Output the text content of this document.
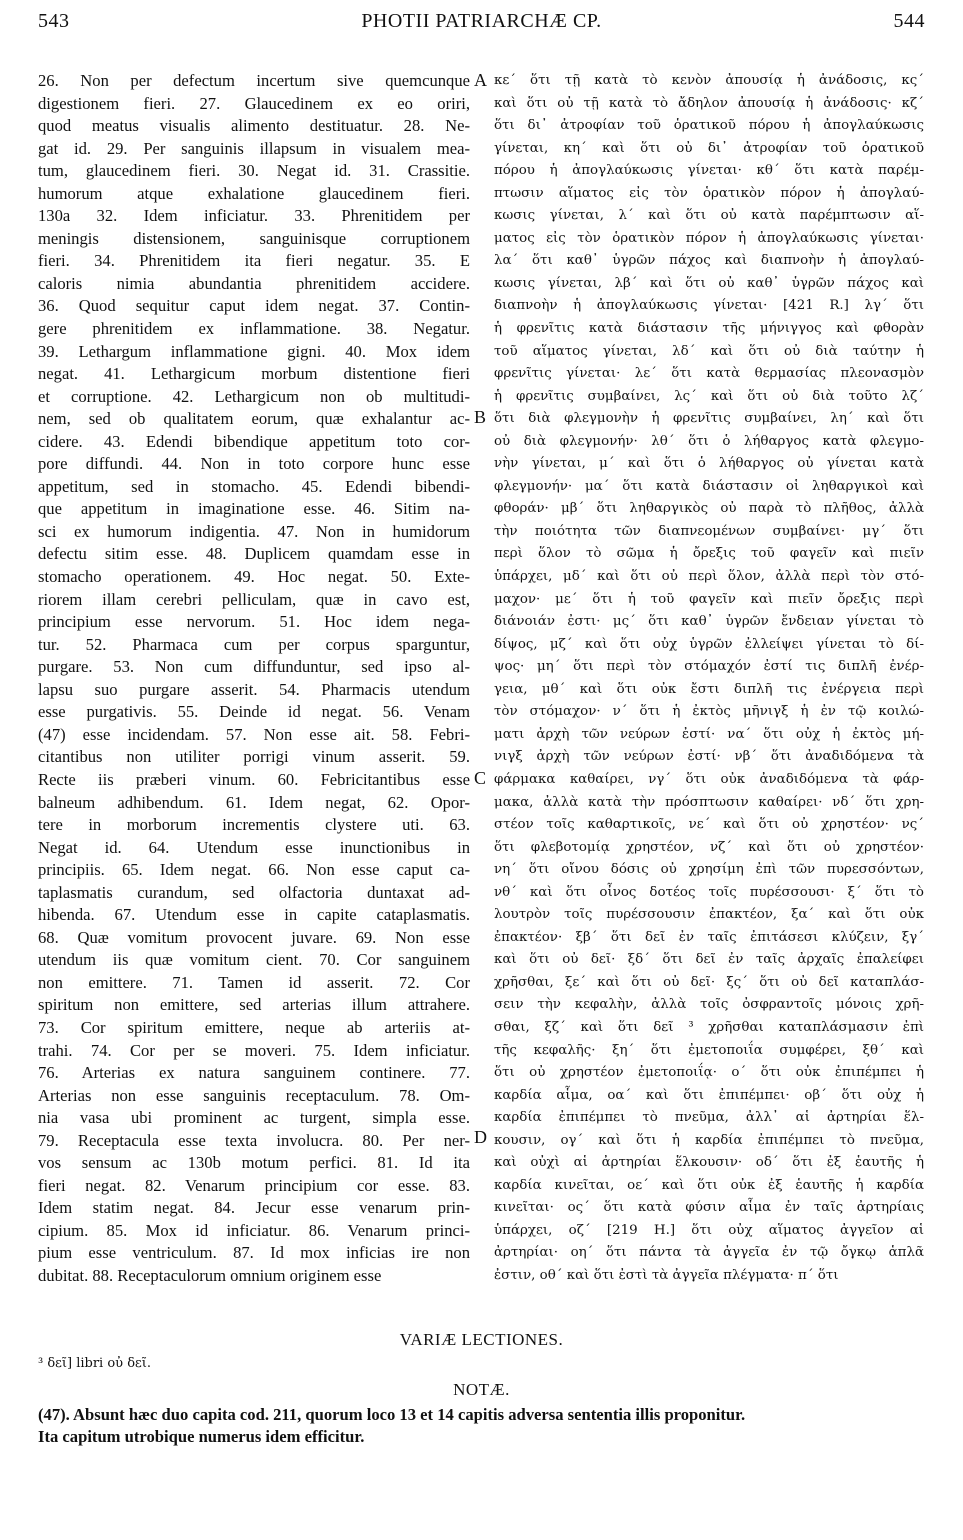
543	PHOTII PATRIARCHÆ CP.	544
26. Non per defectum incertum sive quemcunque
digestionem fieri. 27. Glaucedinem ex eo oriri,
quod meatus visualis alimento destituatur. 28. Ne-
gat id. 29. Per sanguinis illapsum in visualem mea-
tum, glaucedinem fieri. 30. Negat id. 31. Crassitie.
humorum atque exhalatione glaucedinem fieri.
130a 32. Idem inficiatur. 33. Phrenitidem per
meningis distensionem, sanguinisque corruptionem
fieri. 34. Phrenitidem ita fieri negatur. 35. E
caloris nimia abundantia phrenitidem accidere.
36. Quod sequitur caput idem negat. 37. Contin-
gere phrenitidem ex inflammatione. 38. Negatur.
39. Lethargum inflammatione gigni. 40. Mox idem
negat. 41. Lethargicum morbum distentione fieri
et corruptione. 42. Lethargicum non ob multitudi-
nem, sed ob qualitatem eorum, quæ exhalantur ac-
cidere. 43. Edendi bibendique appetitum toto cor-
pore diffundi. 44. Non in toto corpore hunc esse
appetitum, sed in stomacho. 45. Edendi bibendi-
que appetitum in imaginatione esse. 46. Sitim na-
sci ex humorum indigentia. 47. Non in humidorum
defectu sitim esse. 48. Duplicem quamdam esse in
stomacho operationem. 49. Hoc negat. 50. Exte-
riorem illam cerebri pelliculam, quæ in cavo est,
principium esse nervorum. 51. Hoc idem nega-
tur. 52. Pharmaca cum per corpus sparguntur,
purgare. 53. Non cum diffunduntur, sed ipso al-
lapsu suo purgare asserit. 54. Pharmacis utendum
esse purgativis. 55. Deinde id negat. 56. Venam
(47) esse incidendam. 57. Non esse ait. 58. Febri-
citantibus non utiliter porrigi vinum asserit. 59.
Recte iis præberi vinum. 60. Febricitantibus esse
balneum adhibendum. 61. Idem negat, 62. Opor-
tere in morborum incrementis clystere uti. 63.
Negat id. 64. Utendum esse inunctionibus in
principiis. 65. Idem negat. 66. Non esse caput ca-
taplasmatis curandum, sed olfactoria duntaxat ad-
hibenda. 67. Utendum esse in capite cataplasmatis.
68. Quæ vomitum provocent juvare. 69. Non esse
utendum iis quæ vomitum cient. 70. Cor sanguinem
non emittere. 71. Tamen id asserit. 72. Cor
spiritum non emittere, sed arterias illum attrahere.
73. Cor spiritum emittere, neque ab arteriis at-
trahi. 74. Cor per se moveri. 75. Idem inficiatur.
76. Arterias ex natura sanguinem continere. 77.
Arterias non esse sanguinis receptaculum. 78. Om-
nia vasa ubi prominent ac turgent, simpla esse.
79. Receptacula esse texta involucra. 80. Per ner-
vos sensum ac 130b motum perfici. 81. Id ita
fieri negat. 82. Venarum principium cor esse. 83.
Idem statim negat. 84. Jecur esse venarum prin-
cipium. 85. Mox id inficiatur. 86. Venarum princi-
pium esse ventriculum. 87. Id mox inficias ire non
dubitat. 88. Receptaculorum omnium originem esse
κε΄ ὅτι τῇ κατὰ τὸ κενὸν ἀπουσίᾳ ἡ ἀνάδοσις, κς΄
καὶ ὅτι οὐ τῇ κατὰ τὸ ἄδηλον ἀπουσίᾳ ἡ ἀνάδοσις· κζ΄
ὅτι δι᾽ ἀτροφίαν τοῦ ὁρατικοῦ πόρου ἡ ἀπογλαύκωσις
γίνεται, κη΄ καὶ ὅτι οὐ δι᾽ ἀτροφίαν τοῦ ὁρατικοῦ
πόρου ἡ ἀπογλαύκωσις γίνεται· κθ΄ ὅτι κατὰ παρέμ-
πτωσιν αἵματος εἰς τὸν ὁρατικὸν πόρον ἡ ἀπογλαύ-
κωσις γίνεται, λ΄ καὶ ὅτι οὐ κατὰ παρέμπτωσιν αἵ-
ματος εἰς τὸν ὁρατικὸν πόρον ἡ ἀπογλαύκωσις γίνεται·
λα΄ ὅτι καθ᾽ ὑγρῶν πάχος καὶ διαπνοὴν ἡ ἀπογλαύ-
κωσις γίνεται, λβ΄ καὶ ὅτι οὐ καθ᾽ ὑγρῶν πάχος καὶ
διαπνοὴν ἡ ἀπογλαύκωσις γίνεται· [421 R.] λγ΄ ὅτι
ἡ φρενῖτις κατὰ διάστασιν τῆς μήνιγγος καὶ φθορὰν
τοῦ αἵματος γίνεται, λδ΄ καὶ ὅτι οὐ διὰ ταύτην ἡ
φρενῖτις γίνεται· λε΄ ὅτι κατὰ θερμασίας πλεονασμὸν
ἡ φρενῖτις συμβαίνει, λς΄ καὶ ὅτι οὐ διὰ τοῦτο λζ΄
ὅτι διὰ φλεγμονὴν ἡ φρενῖτις συμβαίνει, λη΄ καὶ ὅτι
οὐ διὰ φλεγμονήν· λθ΄ ὅτι ὁ λήθαργος κατὰ φλεγμο-
νὴν γίνεται, μ΄ καὶ ὅτι ὁ λήθαργος οὐ γίνεται κατὰ
φλεγμονήν· μα΄ ὅτι κατὰ διάστασιν οἱ ληθαργικοὶ καὶ
φθοράν· μβ΄ ὅτι ληθαργικὸς οὐ παρὰ τὸ πλῆθος, ἀλλὰ
τὴν ποιότητα τῶν διαπνεομένων συμβαίνει· μγ΄ ὅτι
περὶ ὅλον τὸ σῶμα ἡ ὄρεξις τοῦ φαγεῖν καὶ πιεῖν
ὑπάρχει, μδ΄ καὶ ὅτι οὐ περὶ ὅλον, ἀλλὰ περὶ τὸν στό-
μαχον· με΄ ὅτι ἡ τοῦ φαγεῖν καὶ πιεῖν ὄρεξις περὶ
διάνοιάν ἐστι· μς΄ ὅτι καθ᾽ ὑγρῶν ἔνδειαν γίνεται τὸ
δίψος, μζ΄ καὶ ὅτι οὐχ ὑγρῶν ἐλλείψει γίνεται τὸ δί-
ψος· μη΄ ὅτι περὶ τὸν στόμαχόν ἐστί τις διπλῆ ἐνέρ-
γεια, μθ΄ καὶ ὅτι οὐκ ἔστι διπλῆ τις ἐνέργεια περὶ
τὸν στόμαχον· ν΄ ὅτι ἡ ἐκτὸς μῆνιγξ ἡ ἐν τῷ κοιλώ-
ματι ἀρχὴ τῶν νεύρων ἐστί· να΄ ὅτι οὐχ ἡ ἐκτὸς μή-
νιγξ ἀρχὴ τῶν νεύρων ἐστί· νβ΄ ὅτι ἀναδιδόμενα τὰ
φάρμακα καθαίρει, νγ΄ ὅτι οὐκ ἀναδιδόμενα τὰ φάρ-
μακα, ἀλλὰ κατὰ τὴν πρόσπτωσιν καθαίρει· νδ΄ ὅτι χρη-
στέον τοῖς καθαρτικοῖς, νε΄ καὶ ὅτι οὐ χρηστέον· νς΄
ὅτι φλεβοτομίᾳ χρηστέον, νζ΄ καὶ ὅτι οὐ χρηστέον·
νη΄ ὅτι οἴνου δόσις οὐ χρησίμη ἐπὶ τῶν πυρεσσόντων,
νθ΄ καὶ ὅτι οἶνος δοτέος τοῖς πυρέσσουσι· ξ΄ ὅτι τὸ
λουτρὸν τοῖς πυρέσσουσιν ἐπακτέον, ξα΄ καὶ ὅτι οὐκ
ἐπακτέον· ξβ΄ ὅτι δεῖ ἐν ταῖς ἐπιτάσεσι κλύζειν, ξγ΄
καὶ ὅτι οὐ δεῖ· ξδ΄ ὅτι δεῖ ἐν ταῖς ἀρχαῖς ἐπαλείφει
χρῆσθαι, ξε΄ καὶ ὅτι οὐ δεῖ· ξς΄ ὅτι οὐ δεῖ καταπλάσ-
σειν τὴν κεφαλὴν, ἀλλὰ τοῖς ὀσφραντοῖς μόνοις χρῆ-
σθαι, ξζ΄ καὶ ὅτι δεῖ ³ χρῆσθαι καταπλάσμασιν ἐπὶ
τῆς κεφαλῆς· ξη΄ ὅτι ἐμετοποιΐα συμφέρει, ξθ΄ καὶ
ὅτι οὐ χρηστέον ἐμετοποιΐᾳ· ο΄ ὅτι οὐκ ἐπιπέμπει ἡ
καρδία αἷμα, οα΄ καὶ ὅτι ἐπιπέμπει· οβ΄ ὅτι οὐχ ἡ
καρδία ἐπιπέμπει τὸ πνεῦμα, ἀλλ᾽ αἱ ἀρτηρίαι ἕλ-
κουσιν, ογ΄ καὶ ὅτι ἡ καρδία ἐπιπέμπει τὸ πνεῦμα,
καὶ οὐχὶ αἱ ἀρτηρίαι ἕλκουσιν· οδ΄ ὅτι ἐξ ἑαυτῆς ἡ
καρδία κινεῖται, οε΄ καὶ ὅτι οὐκ ἐξ ἑαυτῆς ἡ καρδία
κινεῖται· ος΄ ὅτι κατὰ φύσιν αἷμα ἐν ταῖς ἀρτηρίαις
ὑπάρχει, οζ΄ [219 H.] ὅτι οὐχ αἵματος ἀγγεῖον αἱ
ἀρτηρίαι· οη΄ ὅτι πάντα τὰ ἀγγεῖα ἐν τῷ ὄγκῳ ἁπλᾶ
ἐστιν, οθ΄ καὶ ὅτι ἐστὶ τὰ ἀγγεῖα πλέγματα· π΄ ὅτι
A
B
C
D
VARIÆ LECTIONES.
³ δεῖ] libri οὐ δεῖ.
NOTÆ.
(47). Absunt hæc duo capita cod. 211, quorum loco 13 et 14 capitis adversa sententia illis proponitur.
Ita capitum utrobique numerus idem efficitur.
